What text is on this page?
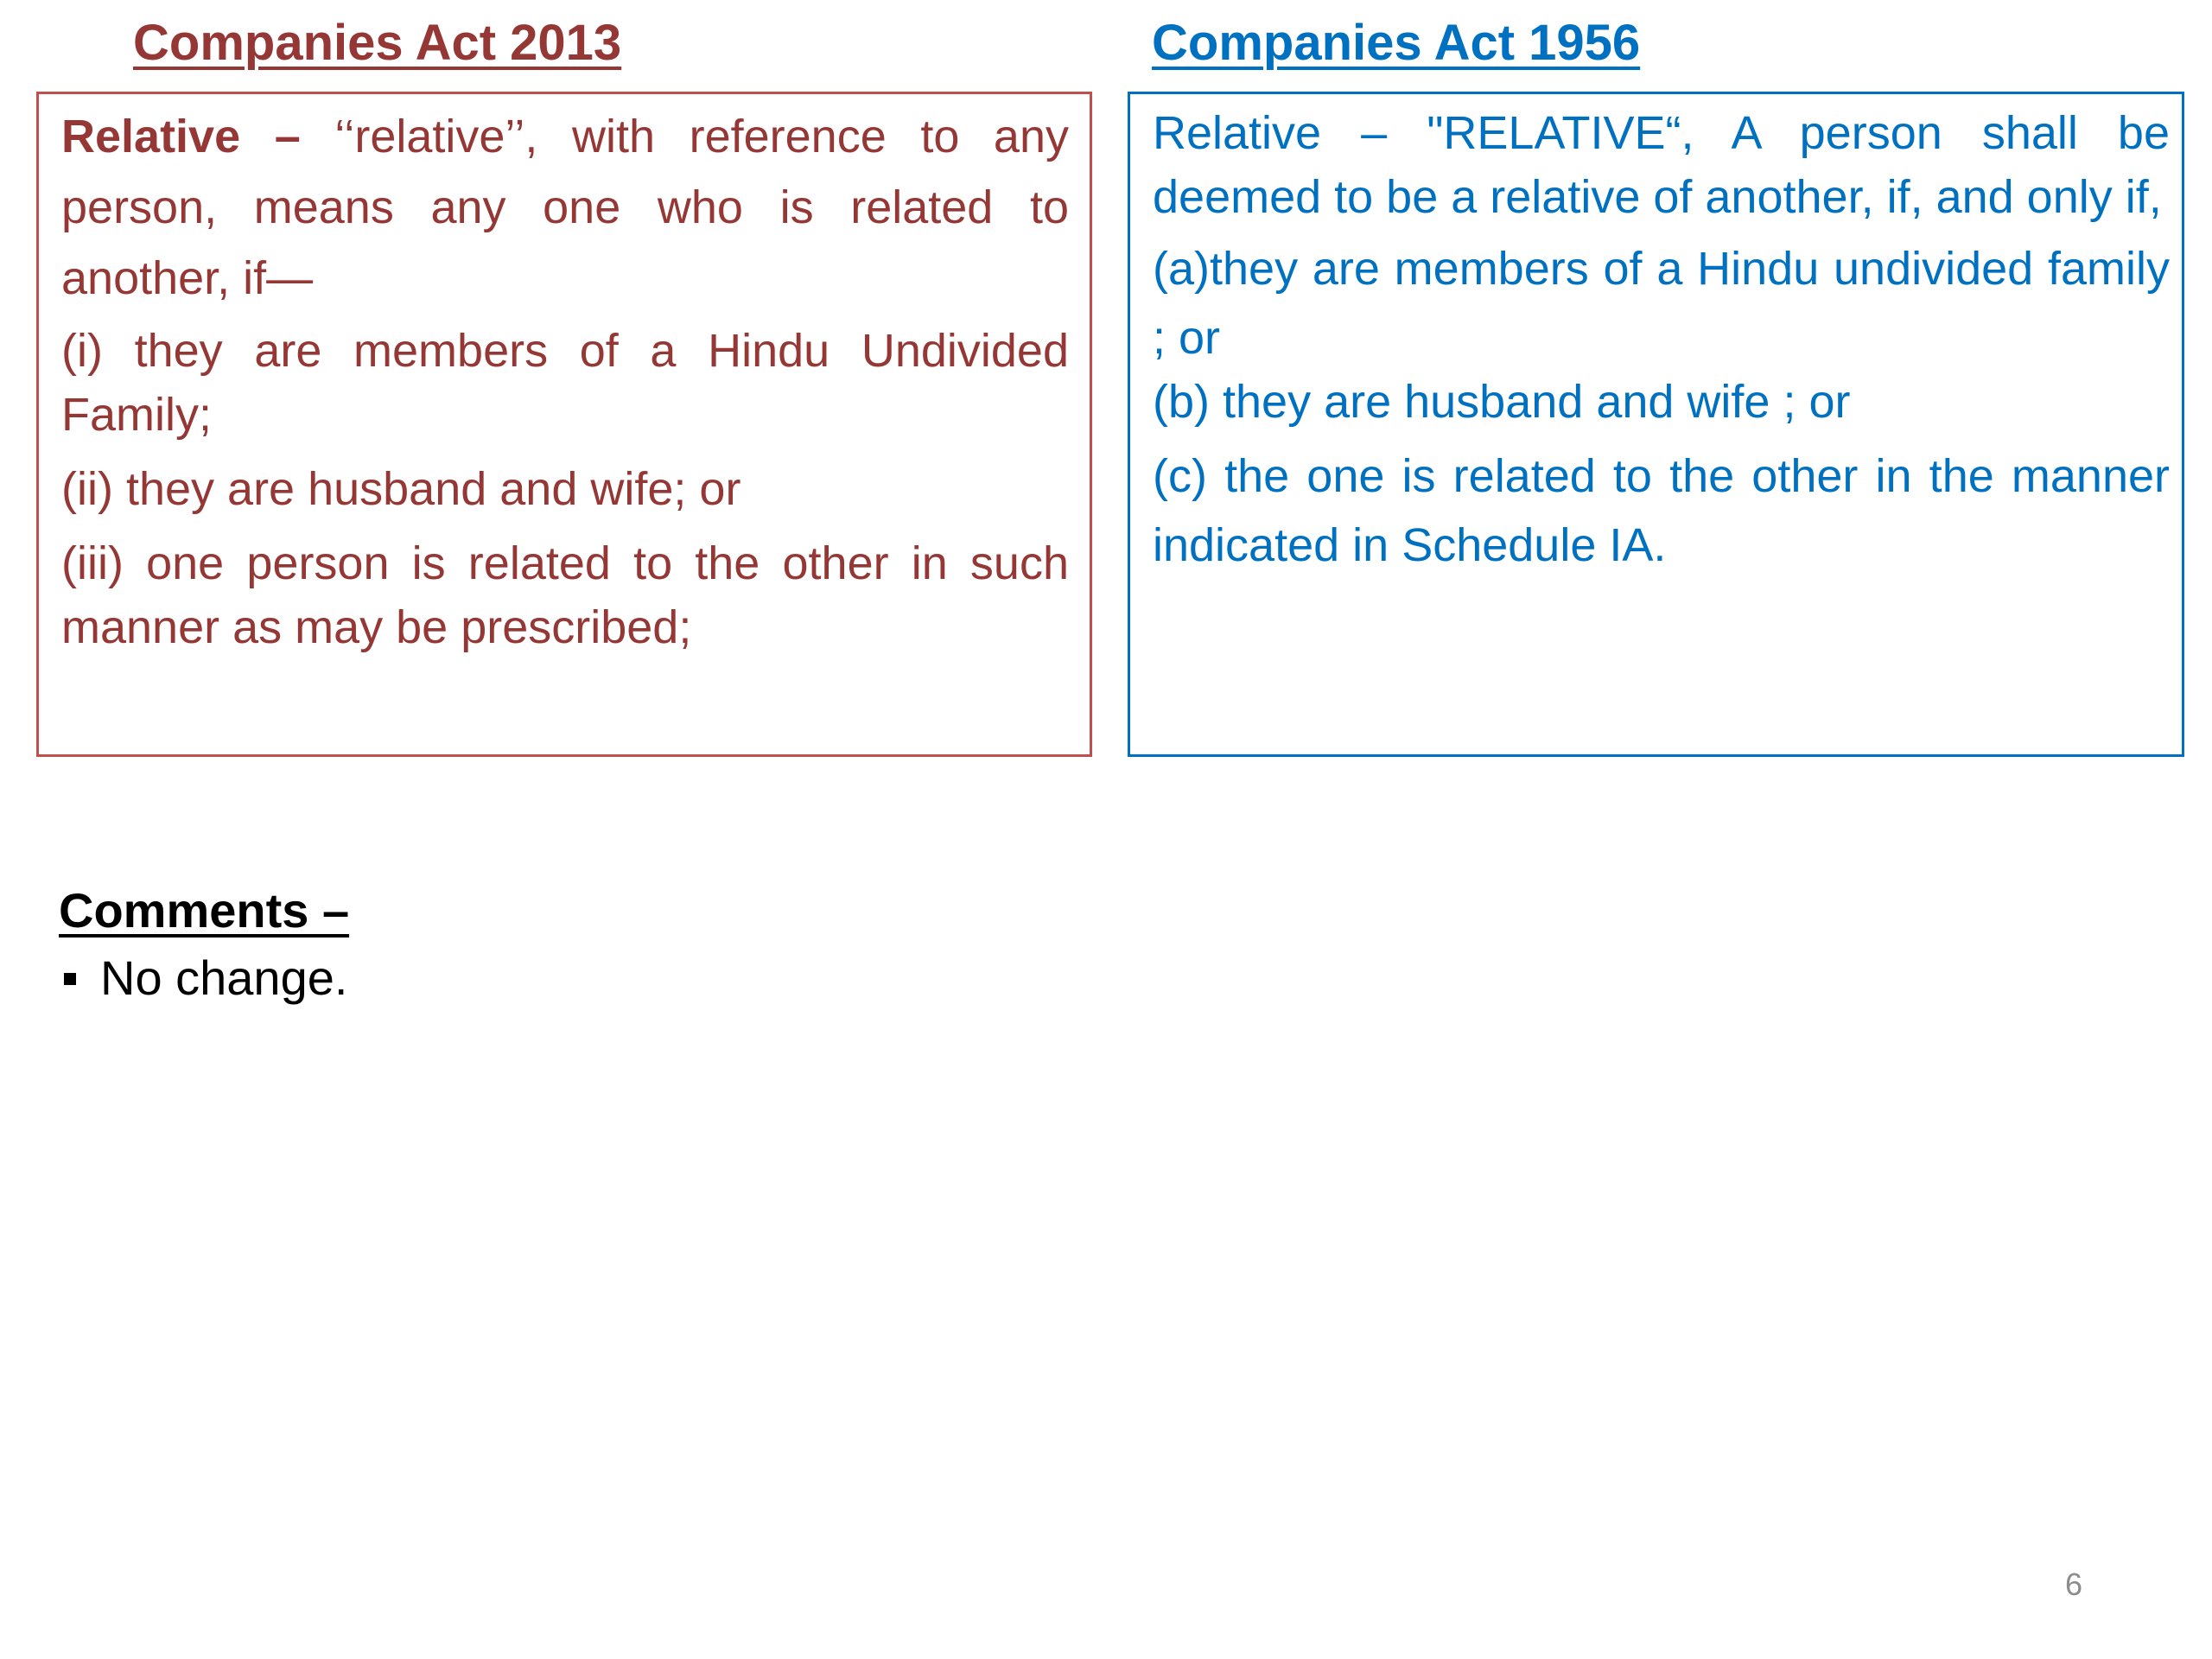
Companies Act 2013	Companies Act 1956

Relative – ‘‘relative’’, with reference to any person, means any one who is related to another, if—

(i) they are members of a Hindu Undivided Family;

(ii) they are husband and wife; or

(iii) one person is related to the other in such manner as may be prescribed;

Relative – "RELATIVE“, A person shall be deemed to be a relative of another, if, and only if,

(a)they are members of a Hindu undivided family ; or

(b) they are husband and wife ; or

(c) the one is related to the other in the manner indicated in Schedule IA.

Comments –
No change.
6
